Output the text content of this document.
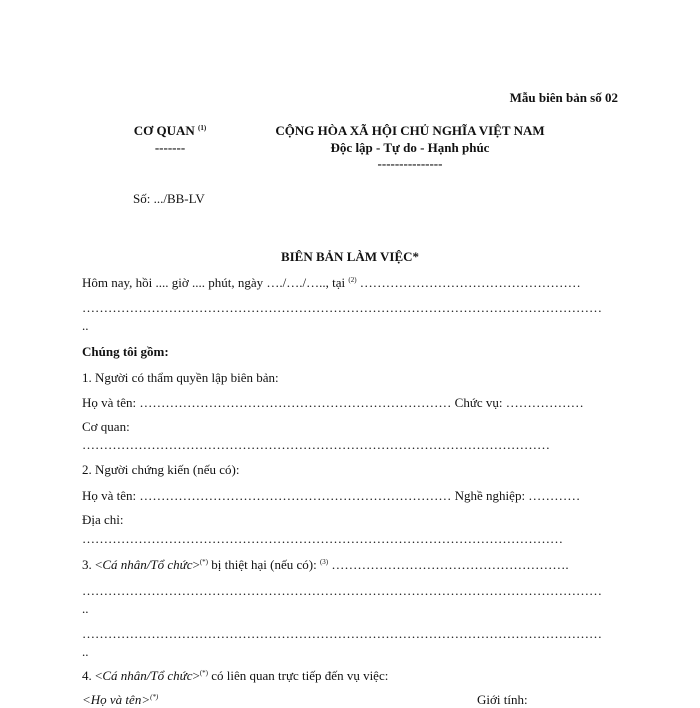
Mẫu biên bản số 02
CƠ QUAN $^{(1)}$
-------
CỘNG HÒA XÃ HỘI CHỦ NGHĨA VIỆT NAM
Độc lập - Tự do - Hạnh phúc
---------------
Số: .../BB-LV
BIÊN BẢN LÀM VIỆC*
Hôm nay, hồi .... giờ .... phút, ngày …./…./….., tại $^{(2)}$ ……………………………………………
…………………………………………………………………………………………………………
..
Chúng tôi gồm:
1. Người có thẩm quyền lập biên bản:
Họ và tên: ……………………………………………………………… Chức vụ: ………………
Cơ quan:
………………………………………………………………………………………………
2. Người chứng kiến (nếu có):
Họ và tên: ……………………………………………………………… Nghề nghiệp: …………
Địa chỉ:
…………………………………………………………………………………………………
3. <Cá nhân/Tổ chức>(*) bị thiệt hại (nếu có): $^{(3)}$ ……………………………………………….
…………………………………………………………………………………………………………
..
…………………………………………………………………………………………………………
..
4. <Cá nhân/Tổ chức>(*) có liên quan trực tiếp đến vụ việc:
<Họ và tên>(*)	Giới tính:
